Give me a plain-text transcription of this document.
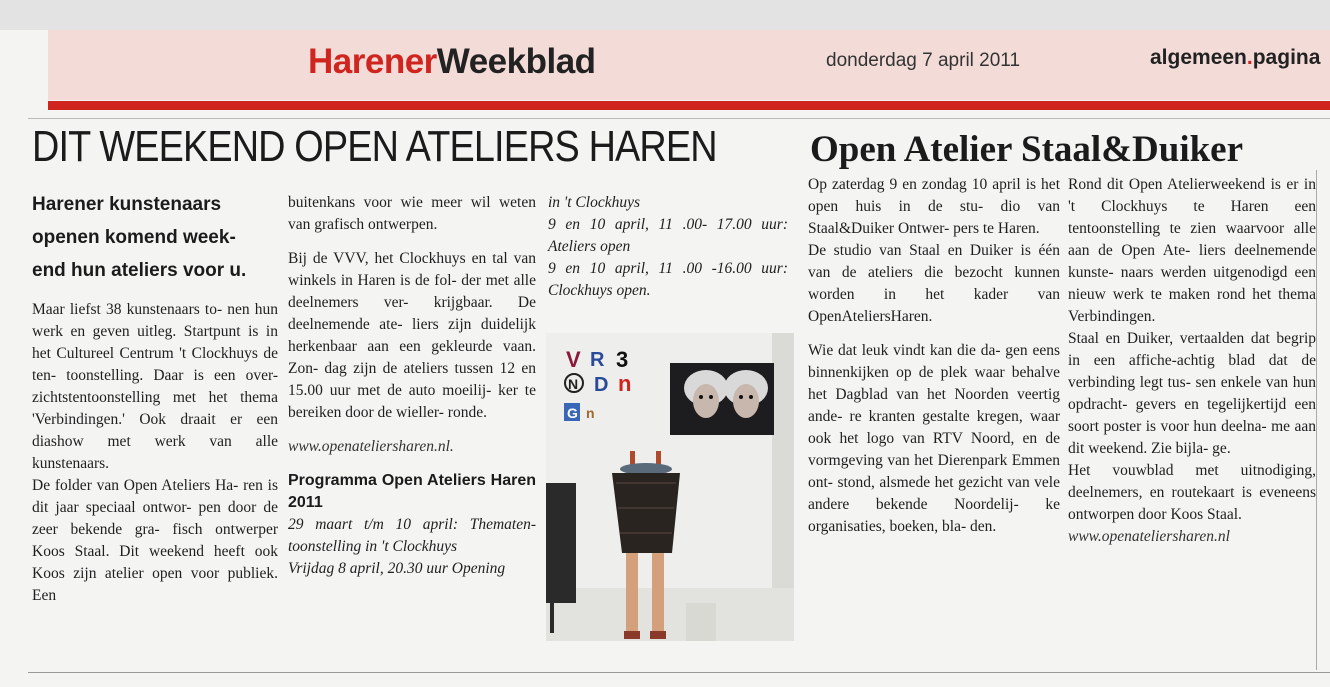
HarenerWeekblad	donderdag 7 april 2011	algemeen.pagina
DIT WEEKEND OPEN ATELIERS HAREN
Harener kunstenaars
openen komend week-
end hun ateliers voor u.

Maar liefst 38 kunstenaars to- nen hun werk en geven uitleg. Startpunt is in het Cultureel Centrum 't Clockhuys de ten- toonstelling. Daar is een over- zichtstentoonstelling met het thema 'Verbindingen.' Ook draait er een diashow met werk van alle kunstenaars.

De folder van Open Ateliers Ha- ren is dit jaar speciaal ontwor- pen door de zeer bekende gra- fisch ontwerper Koos Staal. Dit weekend heeft ook Koos zijn atelier open voor publiek. Een

buitenkans voor wie meer wil weten van grafisch ontwerpen.

Bij de VVV, het Clockhuys en tal van winkels in Haren is de fol- der met alle deelnemers ver- krijgbaar. De deelnemende ate- liers zijn duidelijk herkenbaar aan een gekleurde vaan. Zon- dag zijn de ateliers tussen 12 en 15.00 uur met de auto moeilij- ker te bereiken door de wieller- ronde.

www.openateliersharen.nl.

Programma Open Ateliers Haren 2011

29 maart t/m 10 april: Thematen- toonstelling in 't Clockhuys

Vrijdag 8 april, 20.30 uur Opening

in 't Clockhuys

9 en 10 april, 11 .00- 17.00 uur: Ateliers open

9 en 10 april, 11 .00 -16.00 uur: Clockhuys open.

V R 3
N D n
G n
Open Atelier Staal&Duiker

Op zaterdag 9 en zondag 10 april is het open huis in de stu- dio van Staal&Duiker Ontwer- pers te Haren.

De studio van Staal en Duiker is één van de ateliers die bezocht kunnen worden in het kader van OpenAteliersHaren.

Wie dat leuk vindt kan die da- gen eens binnenkijken op de plek waar behalve het Dagblad van het Noorden veertig ande- re kranten gestalte kregen, waar ook het logo van RTV Noord, en de vormgeving van het Dierenpark Emmen ont- stond, alsmede het gezicht van vele andere bekende Noordelij- ke organisaties, boeken, bla- den.

Rond dit Open Atelierweekend is er in 't Clockhuys te Haren een tentoonstelling te zien waarvoor alle aan de Open Ate- liers deelnemende kunste- naars werden uitgenodigd een nieuw werk te maken rond het thema Verbindingen.

Staal en Duiker, vertaalden dat begrip in een affiche-achtig blad dat de verbinding legt tus- sen enkele van hun opdracht- gevers en tegelijkertijd een soort poster is voor hun deelna- me aan dit weekend. Zie bijla- ge.

Het vouwblad met uitnodiging, deelnemers, en routekaart is eveneens ontworpen door Koos Staal.

www.openateliersharen.nl
